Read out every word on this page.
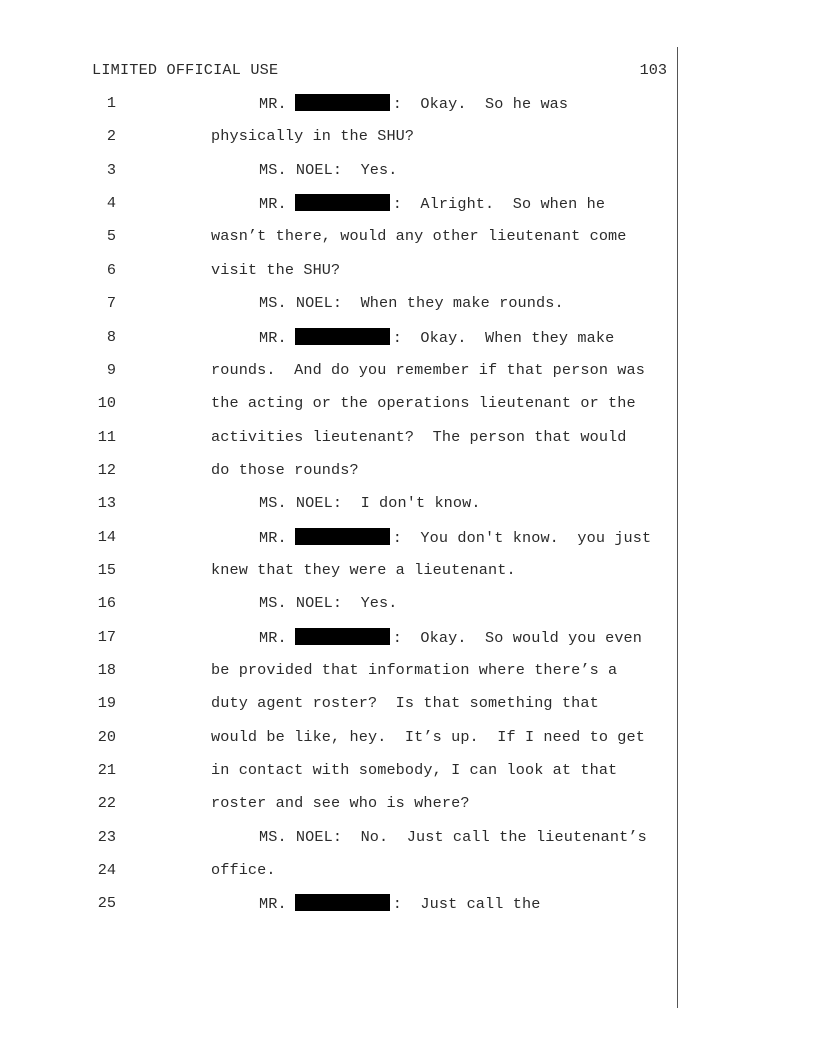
LIMITED OFFICIAL USE	103
1	MR.	:  Okay.  So he was
2	physically in the SHU?
3	MS. NOEL:  Yes.
4	MR.	:  Alright.  So when he
5	wasn’t there, would any other lieutenant come
6	visit the SHU?
7	MS. NOEL:  When they make rounds.
8	MR.	:  Okay.  When they make
9	rounds.  And do you remember if that person was
10	the acting or the operations lieutenant or the
11	activities lieutenant?  The person that would
12	do those rounds?
13	MS. NOEL:  I don't know.
14	MR.	:  You don't know.  you just
15	knew that they were a lieutenant.
16	MS. NOEL:  Yes.
17	MR.	:  Okay.  So would you even
18	be provided that information where there’s a
19	duty agent roster?  Is that something that
20	would be like, hey.  It’s up.  If I need to get
21	in contact with somebody, I can look at that
22	roster and see who is where?
23	MS. NOEL:  No.  Just call the lieutenant’s
24	office.
25	MR.	:  Just call the
